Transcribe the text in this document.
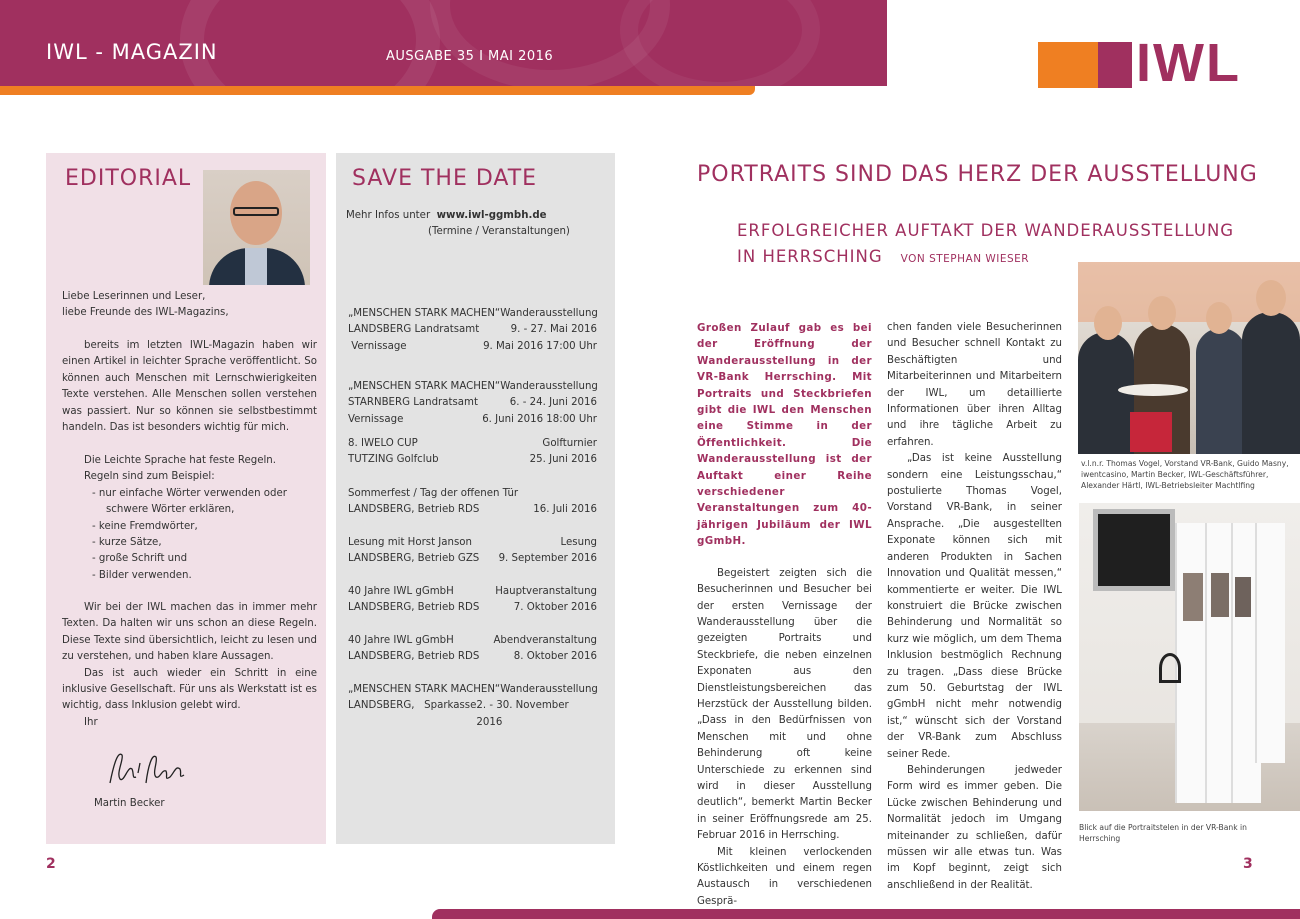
IWL - MAGAZIN	AUSGABE 35 I MAI 2016	IWL
EDITORIAL

Liebe Leserinnen und Leser,

liebe Freunde des IWL-Magazins,

bereits im letzten IWL-Magazin haben wir einen Artikel in leichter Sprache veröffentlicht. So können auch Menschen mit Lernschwierigkeiten Texte verstehen. Alle Menschen sollen verstehen was passiert. Nur so können sie selbstbestimmt handeln. Das ist besonders wichtig für mich.

Die Leichte Sprache hat feste Regeln.

Regeln sind zum Beispiel:

- nur einfache Wörter verwenden oder
schwere Wörter erklären,
- keine Fremdwörter,
- kurze Sätze,
- große Schrift und
- Bilder verwenden.

Wir bei der IWL machen das in immer mehr Texten. Da halten wir uns schon an diese Regeln. Diese Texte sind übersichtlich, leicht zu lesen und zu verstehen, und haben klare Aussagen.

Das ist auch wieder ein Schritt in eine inklusive Gesellschaft. Für uns als Werkstatt ist es wichtig, dass Inklusion gelebt wird.

Ihr

Martin Becker
SAVE THE DATE
Mehr Infos unter www.iwl-ggmbh.de
(Termine / Veranstaltungen)
„MENSCHEN STARK MACHEN“ Wanderausstellung
LANDSBERG Landratsamt	9. - 27. Mai 2016
Vernissage	9. Mai 2016 17:00 Uhr
„MENSCHEN STARK MACHEN“ Wanderausstellung
STARNBERG Landratsamt	6. - 24. Juni 2016
Vernissage	6. Juni 2016 18:00 Uhr
8. IWELO CUP	Golfturnier
TUTZING Golfclub	25. Juni 2016
Sommerfest / Tag der offenen Tür
LANDSBERG, Betrieb RDS	16. Juli 2016
Lesung mit Horst Janson	Lesung
LANDSBERG, Betrieb GZS 9. September 2016
40 Jahre IWL gGmbH	Hauptveranstaltung
LANDSBERG, Betrieb RDS	7. Oktober 2016
40 Jahre IWL gGmbH	Abendveranstaltung
LANDSBERG, Betrieb RDS	8. Oktober 2016
„MENSCHEN STARK MACHEN“ Wanderausstellung
LANDSBERG,   Sparkasse 2. - 30. November 2016
PORTRAITS SIND DAS HERZ DER AUSSTELLUNG
ERFOLGREICHER AUFTAKT DER WANDERAUSSTELLUNG IN HERRSCHING VON STEPHAN WIESER

Großen Zulauf gab es bei der Eröffnung der Wanderausstellung in der VR-Bank Herrsching. Mit Portraits und Steckbriefen gibt die IWL den Menschen eine Stimme in der Öffentlichkeit. Die Wanderausstellung ist der Auftakt einer Reihe verschiedener Veranstaltungen zum 40-jährigen Jubiläum der IWL gGmbH.

Begeistert zeigten sich die Besucherinnen und Besucher bei der ersten Vernissage der Wanderausstellung über die gezeigten Portraits und Steckbriefe, die neben einzelnen Exponaten aus den Dienstleistungsbereichen das Herzstück der Ausstellung bilden. „Dass in den Bedürfnissen von Menschen mit und ohne Behinderung oft keine Unterschiede zu erkennen sind wird in dieser Ausstellung deutlich“, bemerkt Martin Becker in seiner Eröffnungsrede am 25. Februar 2016 in Herrsching.

Mit kleinen verlockenden Köstlichkeiten und einem regen Austausch in verschiedenen Gesprä-

chen fanden viele Besucherinnen und Besucher schnell Kontakt zu Beschäftigten und Mitarbeiterinnen und Mitarbeitern der IWL, um detaillierte Informationen über ihren Alltag und ihre tägliche Arbeit zu erfahren.

„Das ist keine Ausstellung sondern eine Leistungsschau,“ postulierte Thomas Vogel, Vorstand VR-Bank, in seiner Ansprache. „Die ausgestellten Exponate können sich mit anderen Produkten in Sachen Innovation und Qualität messen,“ kommentierte er weiter. Die IWL konstruiert die Brücke zwischen Behinderung und Normalität so kurz wie möglich, um dem Thema Inklusion bestmöglich Rechnung zu tragen. „Dass diese Brücke zum 50. Geburtstag der IWL gGmbH nicht mehr notwendig ist,“ wünscht sich der Vorstand der VR-Bank zum Abschluss seiner Rede.

Behinderungen jedweder Form wird es immer geben. Die Lücke zwischen Behinderung und Normalität jedoch im Umgang miteinander zu schließen, dafür müssen wir alle etwas tun. Was im Kopf beginnt, zeigt sich anschließend in der Realität.

v.l.n.r. Thomas Vogel, Vorstand VR-Bank, Guido Masny, iwentcasino, Martin Becker, IWL-Geschäftsführer, Alexander Härtl, IWL-Betriebsleiter Machtlfing
Blick auf die Portraitstelen in der VR-Bank in Herrsching
2	3
